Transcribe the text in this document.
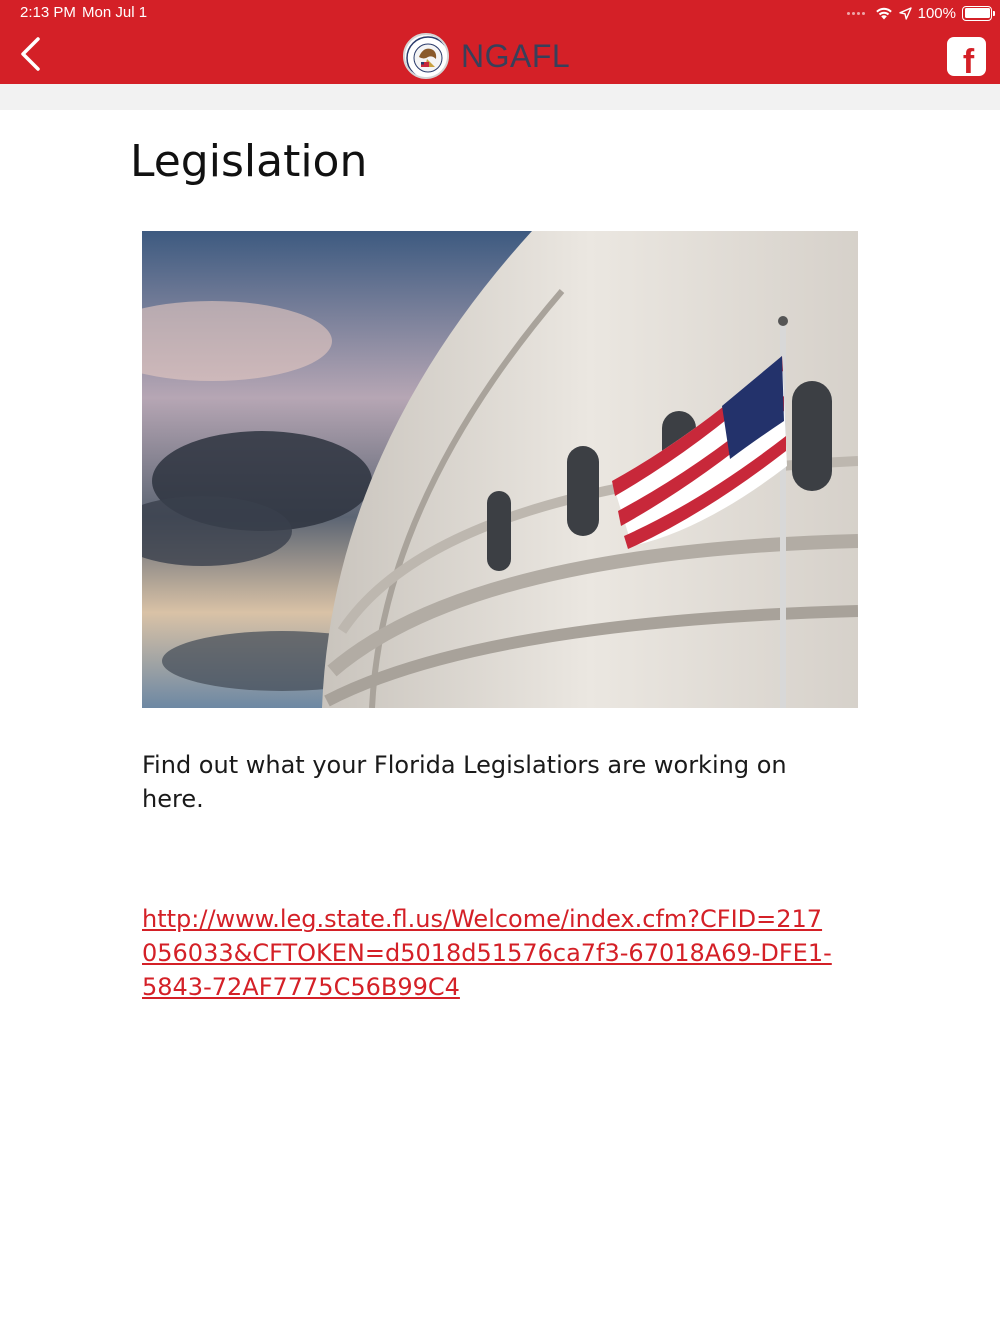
2:13 PM Mon Jul 1	100%
NGAFL	f
Legislation

Find out what your Florida Legislatiors are working on here.

http://www.leg.state.fl.us/Welcome/index.cfm?CFID=217056033&CFTOKEN=d5018d51576ca7f3-67018A69-DFE1-5843-72AF7775C56B99C4
